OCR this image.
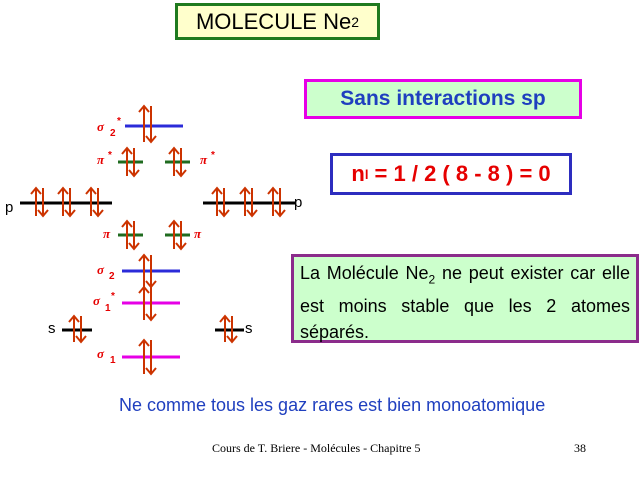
MOLECULE Ne 2
Sans interactions sp
n l = 1 / 2 ( 8 - 8 ) = 0
La Molécule $Ne_2$ ne peut exister car elle est moins stable que les 2 atomes séparés.
Ne comme tous les gaz rares est bien monoatomique
Cours de T. Briere - Molécules - Chapitre 5	38
p	p
s	s
σ 2
*
π *	π *
π	π
σ 2
σ
1
*
σ 1
